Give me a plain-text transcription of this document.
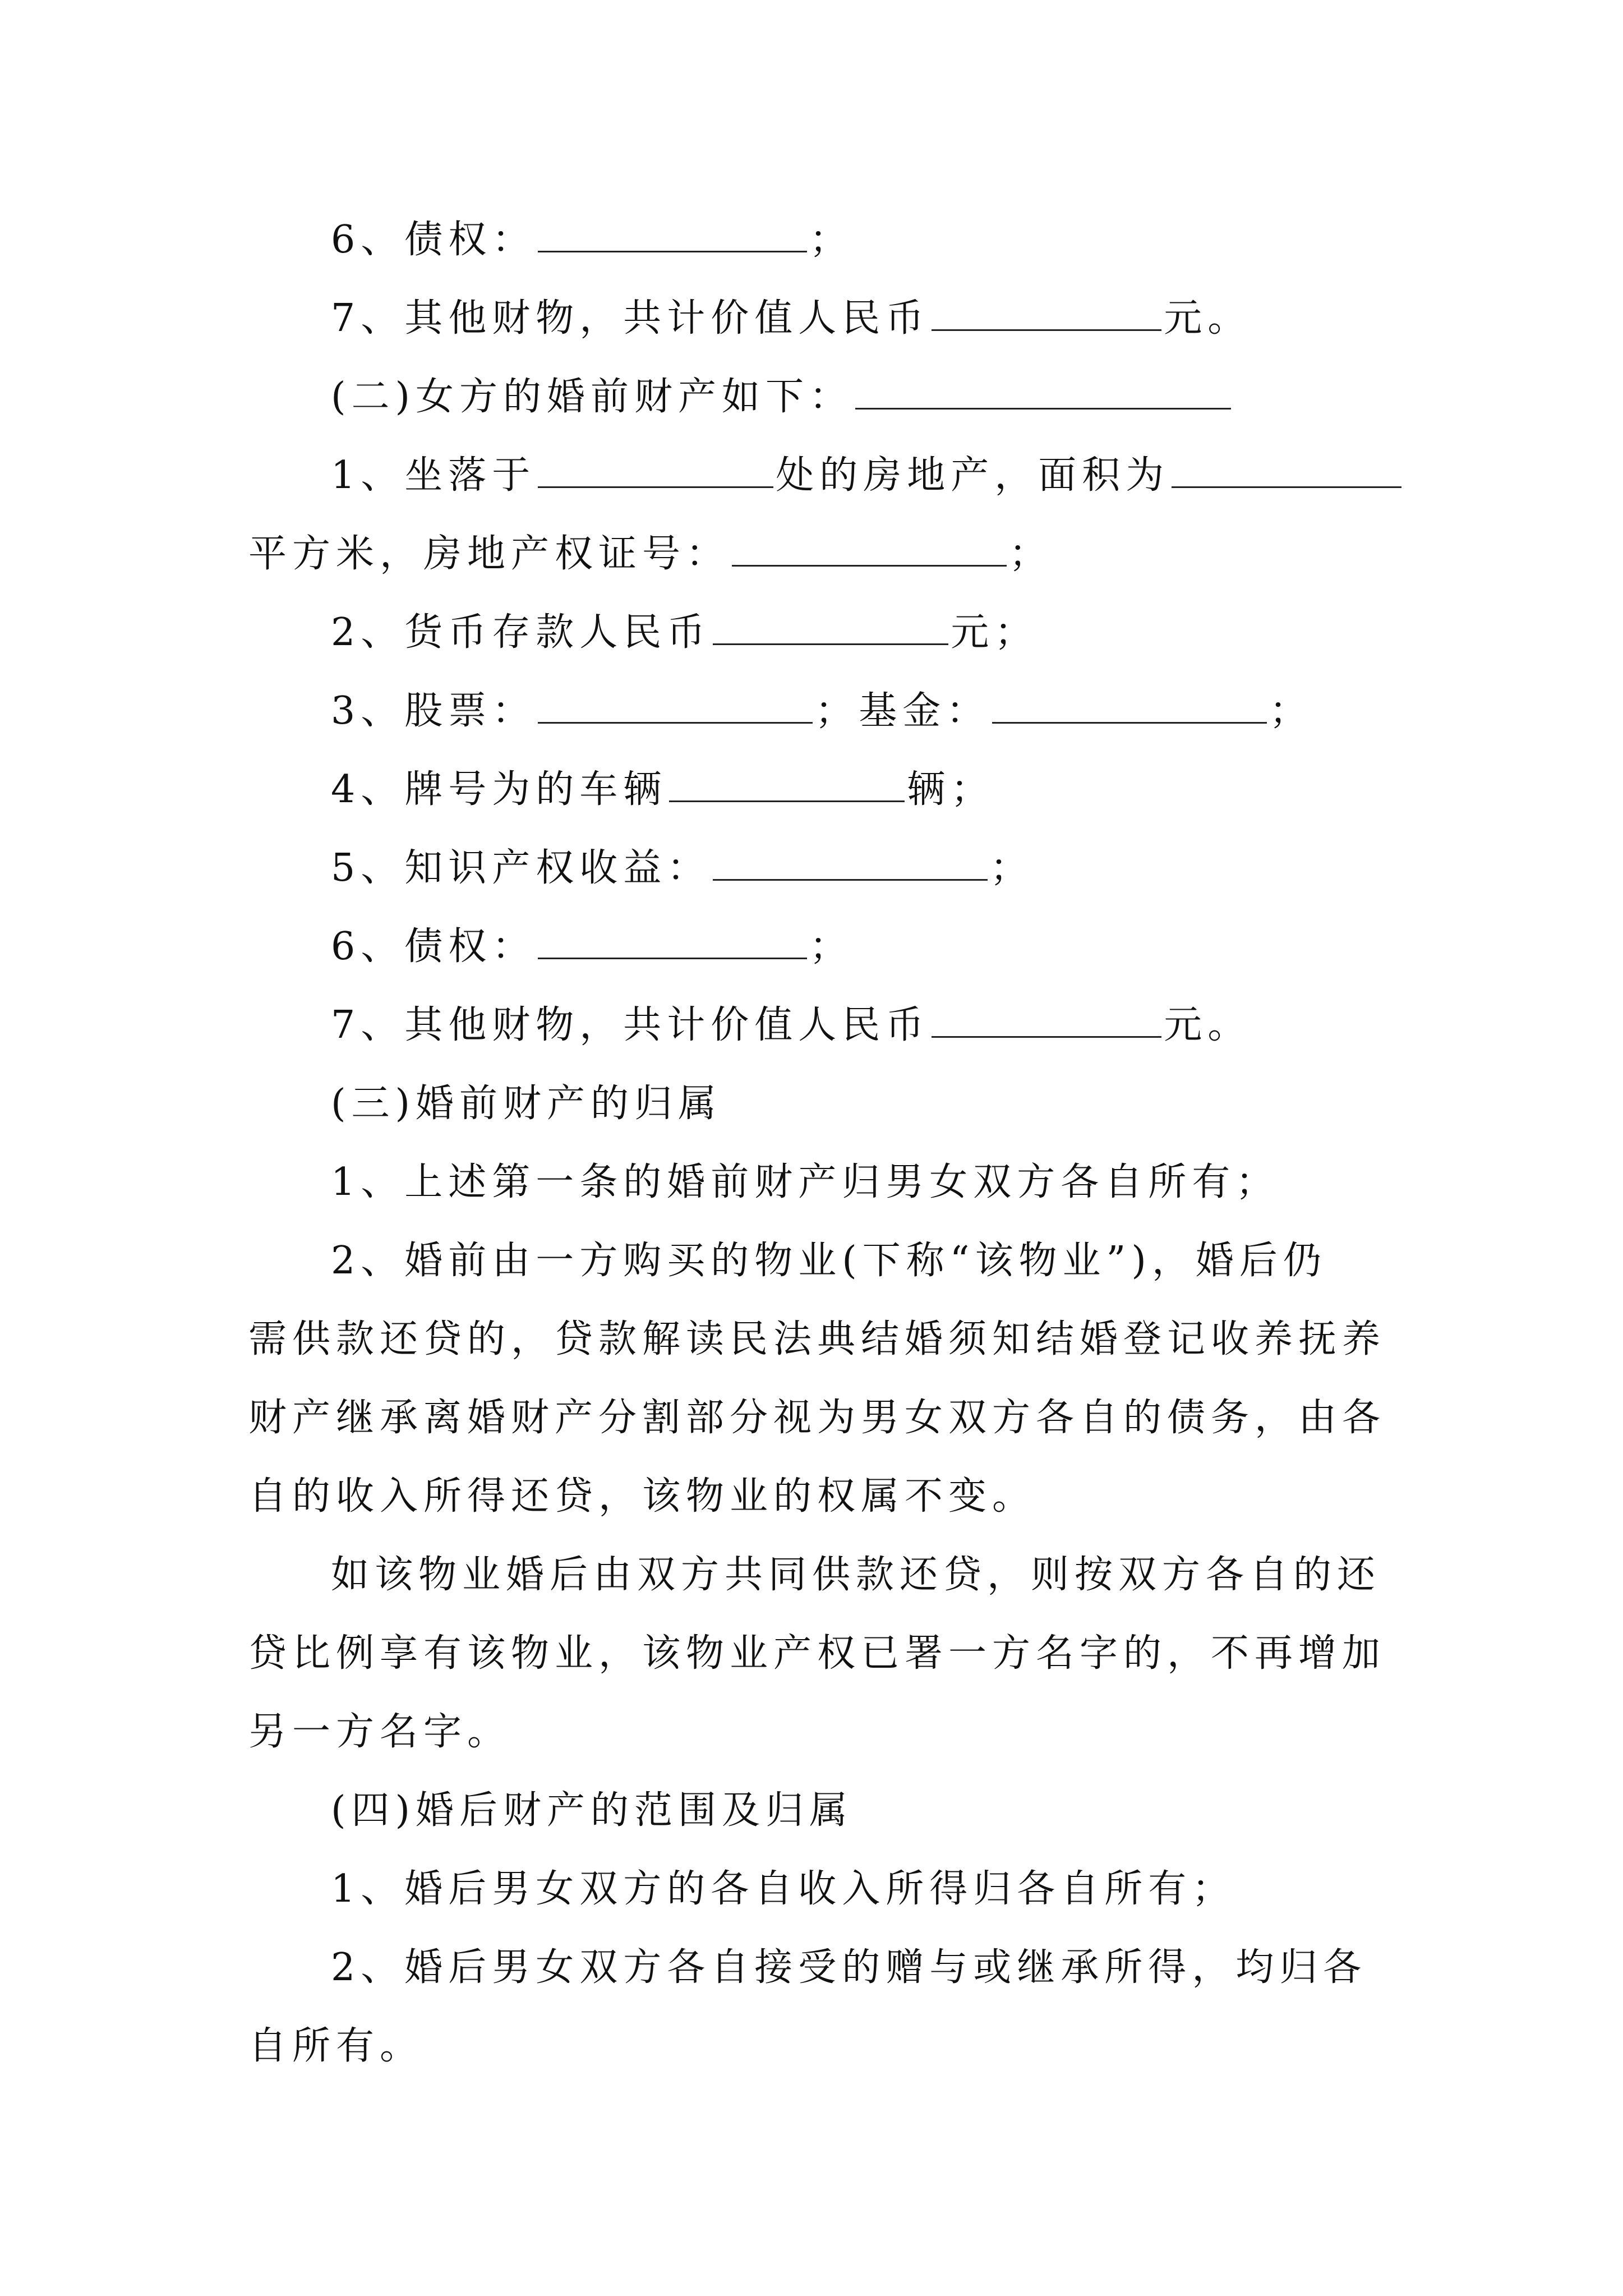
6、债权：	；
7、其他财物，共计价值人民币	元。
(二)女方的婚前财产如下：
1、坐落于	处的房地产，面积为
平方米，房地产权证号：	；
2、货币存款人民币	元；
3、股票：	；基金：	；
4、牌号为的车辆	辆；
5、知识产权收益：	；
6、债权：	；
7、其他财物，共计价值人民币	元。
(三)婚前财产的归属
1、上述第一条的婚前财产归男女双方各自所有；
2、婚前由一方购买的物业(下称“该物业”)，婚后仍
需供款还贷的，贷款解读民法典结婚须知结婚登记收养抚养
财产继承离婚财产分割部分视为男女双方各自的债务，由各
自的收入所得还贷，该物业的权属不变。
如该物业婚后由双方共同供款还贷，则按双方各自的还
贷比例享有该物业，该物业产权已署一方名字的，不再增加
另一方名字。
(四)婚后财产的范围及归属
1、婚后男女双方的各自收入所得归各自所有；
2、婚后男女双方各自接受的赠与或继承所得，均归各
自所有。
